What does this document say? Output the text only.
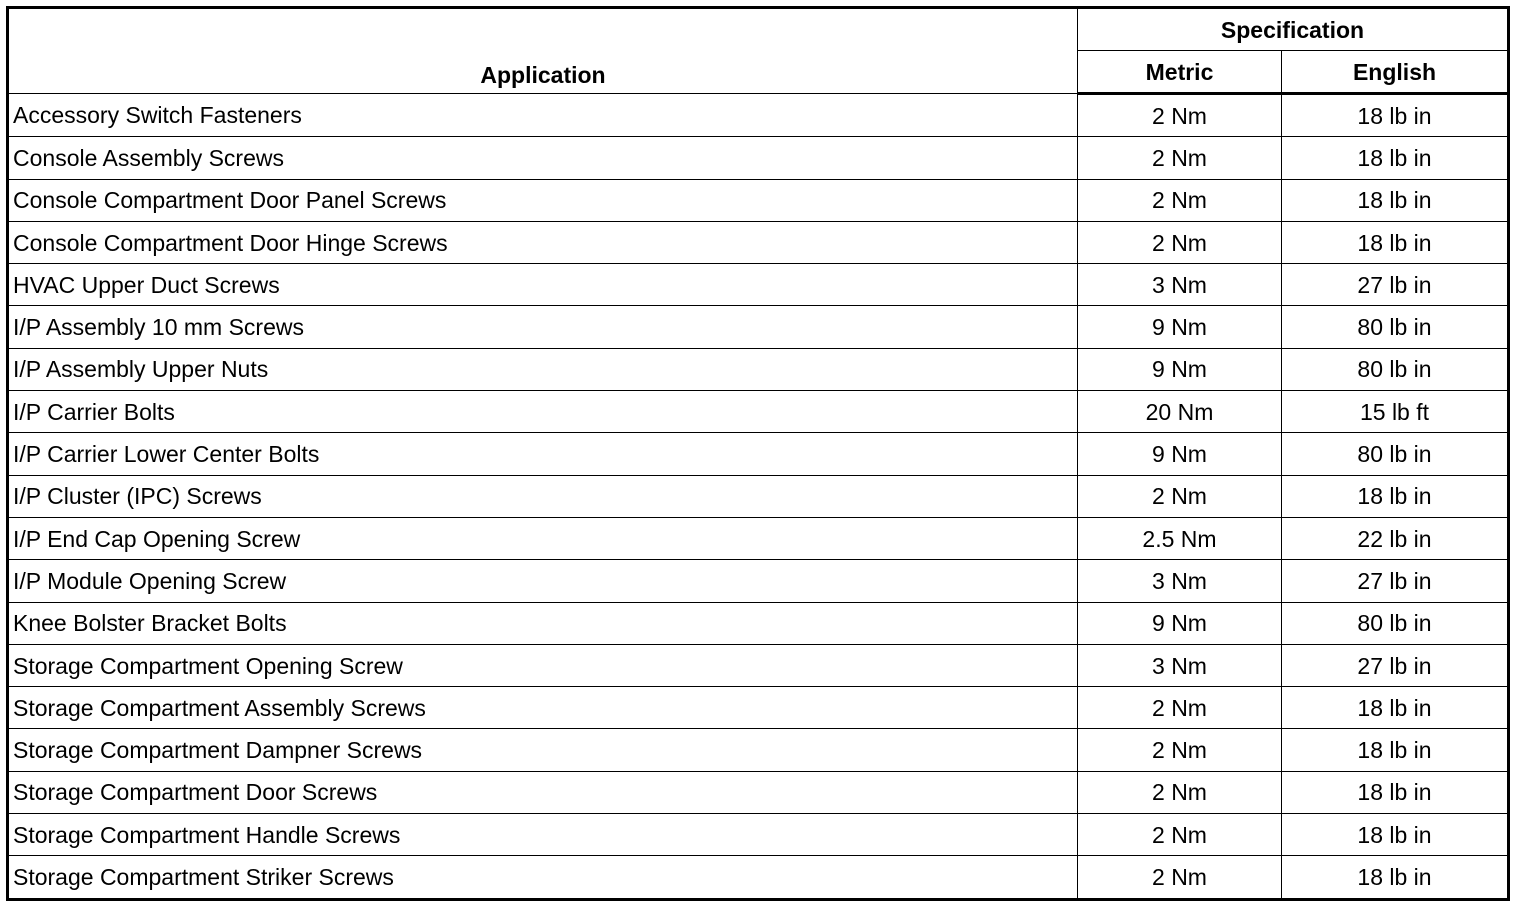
Application	Specification	
	Metric	English
Accessory Switch Fasteners	2 Nm	18 lb in
Console Assembly Screws	2 Nm	18 lb in
Console Compartment Door Panel Screws	2 Nm	18 lb in
Console Compartment Door Hinge Screws	2 Nm	18 lb in
HVAC Upper Duct Screws	3 Nm	27 lb in
I/P Assembly 10 mm Screws	9 Nm	80 lb in
I/P Assembly Upper Nuts	9 Nm	80 lb in
I/P Carrier Bolts	20 Nm	15 lb ft
I/P Carrier Lower Center Bolts	9 Nm	80 lb in
I/P Cluster (IPC) Screws	2 Nm	18 lb in
I/P End Cap Opening Screw	2.5 Nm	22 lb in
I/P Module Opening Screw	3 Nm	27 lb in
Knee Bolster Bracket Bolts	9 Nm	80 lb in
Storage Compartment Opening Screw	3 Nm	27 lb in
Storage Compartment Assembly Screws	2 Nm	18 lb in
Storage Compartment Dampner Screws	2 Nm	18 lb in
Storage Compartment Door Screws	2 Nm	18 lb in
Storage Compartment Handle Screws	2 Nm	18 lb in
Storage Compartment Striker Screws	2 Nm	18 lb in
